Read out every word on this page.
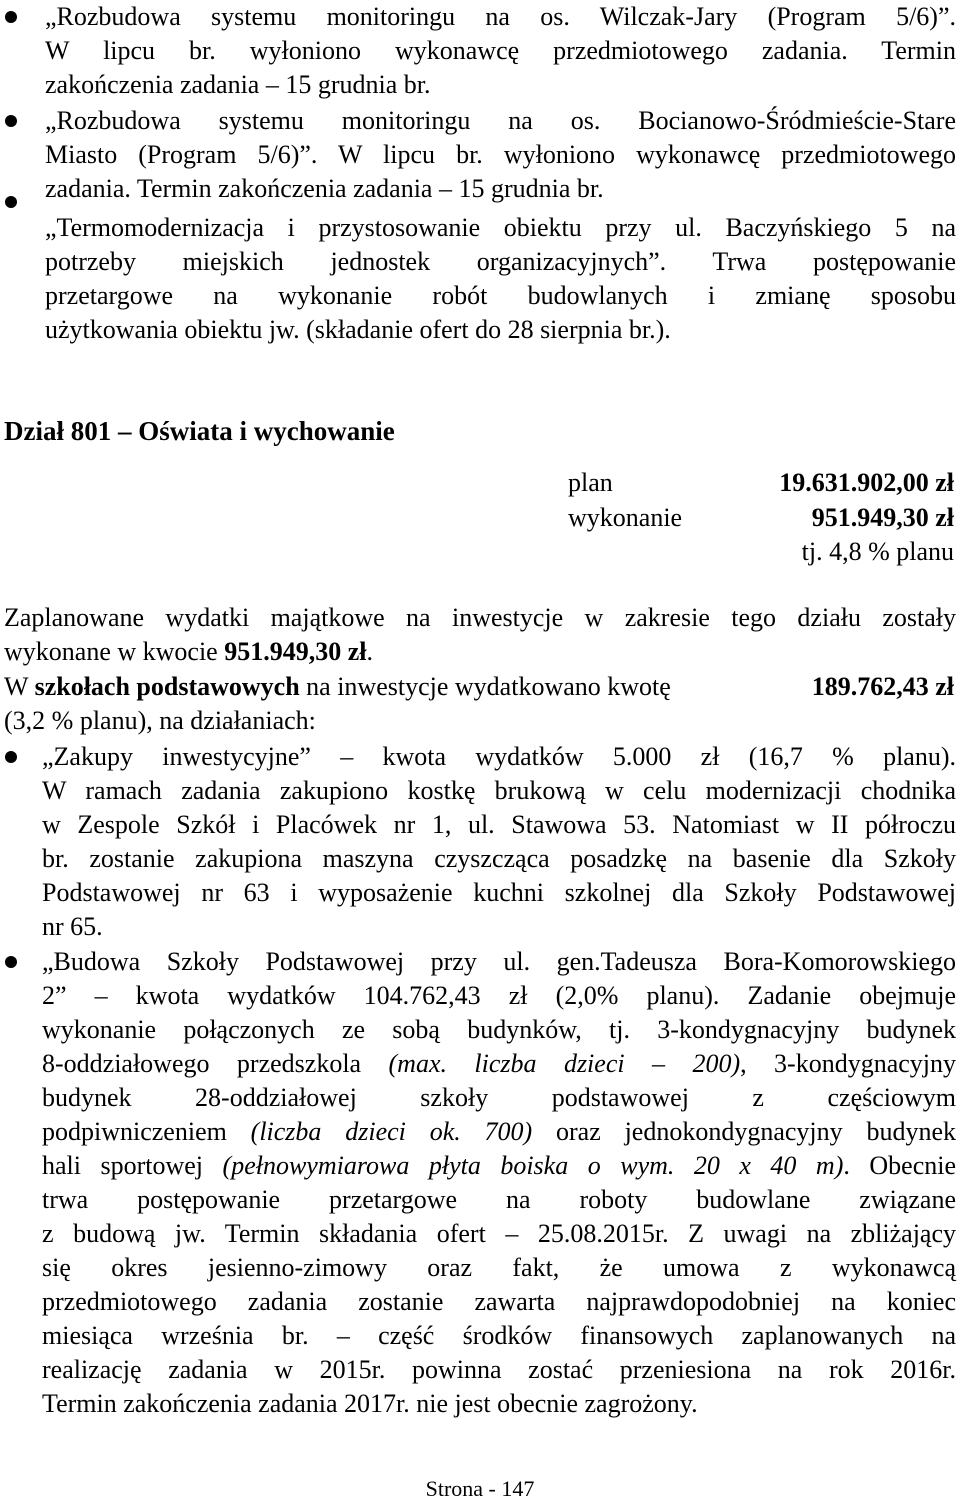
„Rozbudowa systemu monitoringu na os. Wilczak-Jary (Program 5/6)”.
W lipcu br. wyłoniono wykonawcę przedmiotowego zadania. Termin
zakończenia zadania – 15 grudnia br.
„Rozbudowa systemu monitoringu na os. Bocianowo-Śródmieście-Stare
Miasto (Program 5/6)”. W lipcu br. wyłoniono wykonawcę przedmiotowego
zadania. Termin zakończenia zadania – 15 grudnia br.
„Termomodernizacja i przystosowanie obiektu przy ul. Baczyńskiego 5 na
potrzeby miejskich jednostek organizacyjnych”. Trwa postępowanie
przetargowe na wykonanie robót budowlanych i zmianę sposobu
użytkowania obiektu jw. (składanie ofert do 28 sierpnia br.).
Dział 801 – Oświata i wychowanie
plan	19.631.902,00 zł
wykonanie	951.949,30 zł
tj. 4,8 % planu
Zaplanowane wydatki majątkowe na inwestycje w zakresie tego działu zostały
wykonane w kwocie 951.949,30 zł.
W szkołach podstawowych na inwestycje wydatkowano kwotę	189.762,43 zł
(3,2 % planu), na działaniach:
„Zakupy inwestycyjne” – kwota wydatków 5.000 zł (16,7 % planu).
W ramach zadania zakupiono kostkę brukową w celu modernizacji chodnika
w Zespole Szkół i Placówek nr 1, ul. Stawowa 53. Natomiast w II półroczu
br. zostanie zakupiona maszyna czyszcząca posadzkę na basenie dla Szkoły
Podstawowej nr 63 i wyposażenie kuchni szkolnej dla Szkoły Podstawowej
nr 65.
„Budowa Szkoły Podstawowej przy ul. gen.Tadeusza Bora-Komorowskiego
2” – kwota wydatków 104.762,43 zł (2,0% planu). Zadanie obejmuje
wykonanie połączonych ze sobą budynków, tj. 3-kondygnacyjny budynek
8-oddziałowego przedszkola (max. liczba dzieci – 200), 3-kondygnacyjny
budynek 28-oddziałowej szkoły podstawowej z częściowym
podpiwniczeniem (liczba dzieci ok. 700) oraz jednokondygnacyjny budynek
hali sportowej (pełnowymiarowa płyta boiska o wym. 20 x 40 m). Obecnie
trwa postępowanie przetargowe na roboty budowlane związane
z budową jw. Termin składania ofert – 25.08.2015r. Z uwagi na zbliżający
się okres jesienno-zimowy oraz fakt, że umowa z wykonawcą
przedmiotowego zadania zostanie zawarta najprawdopodobniej na koniec
miesiąca września br. – część środków finansowych zaplanowanych na
realizację zadania w 2015r. powinna zostać przeniesiona na rok 2016r.
Termin zakończenia zadania 2017r. nie jest obecnie zagrożony.
Strona - 147
